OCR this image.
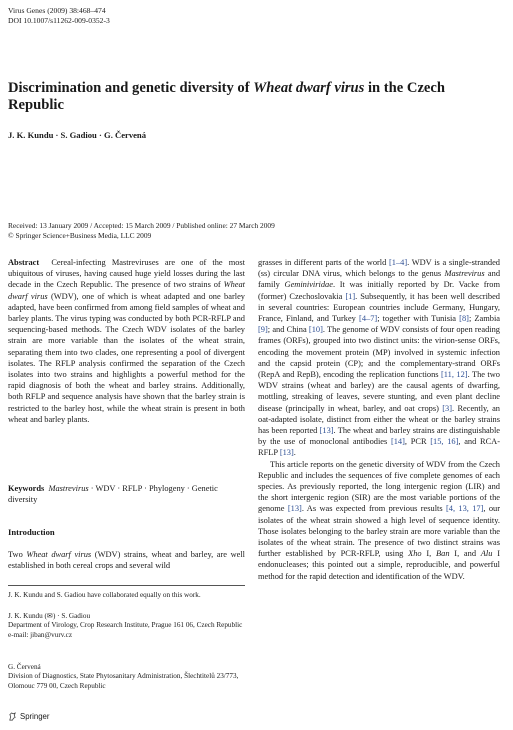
Virus Genes (2009) 38:468–474
DOI 10.1007/s11262-009-0352-3
Discrimination and genetic diversity of Wheat dwarf virus in the Czech Republic
J. K. Kundu · S. Gadiou · G. Červená
Received: 13 January 2009 / Accepted: 15 March 2009 / Published online: 27 March 2009
© Springer Science+Business Media, LLC 2009

Abstract Cereal-infecting Mastreviruses are one of the most ubiquitous of viruses, having caused huge yield losses during the last decade in the Czech Republic. The presence of two strains of Wheat dwarf virus (WDV), one of which is wheat adapted and one barley adapted, have been confirmed from among field samples of wheat and barley plants. The virus typing was conducted by both PCR-RFLP and sequencing-based methods. The Czech WDV isolates of the barley strain are more variable than the isolates of the wheat strain, separating them into two clades, one representing a pool of divergent isolates. The RFLP analysis confirmed the separation of the Czech isolates into two strains and highlights a powerful method for the rapid diagnosis of both the wheat and barley strains. Additionally, both RFLP and sequence analysis have shown that the barley strain is restricted to the barley host, while the wheat strain is present in both wheat and barley plants.

Keywords Mastrevirus · WDV · RFLP · Phylogeny · Genetic diversity
Introduction
Two Wheat dwarf virus (WDV) strains, wheat and barley, are well established in both cereal crops and several wild
J. K. Kundu and S. Gadiou have collaborated equally on this work.
J. K. Kundu (✉) · S. Gadiou
Department of Virology, Crop Research Institute, Prague 161 06, Czech Republic
e-mail: jiban@vurv.cz
G. Červená
Division of Diagnostics, State Phytosanitary Administration, Šlechtitelů 23/773, Olomouc 779 00, Czech Republic
Springer

grasses in different parts of the world [1–4]. WDV is a single-stranded (ss) circular DNA virus, which belongs to the genus Mastrevirus and family Geminiviridae. It was initially reported by Dr. Vacke from (former) Czechoslovakia [1]. Subsequently, it has been well described in several countries: European countries include Germany, Hungary, France, Finland, and Turkey [4–7]; together with Tunisia [8]; Zambia [9]; and China [10]. The genome of WDV consists of four open reading frames (ORFs), grouped into two distinct units: the virion-sense ORFs, encoding the movement protein (MP) involved in systemic infection and the capsid protein (CP); and the complementary-strand ORFs (RepA and RepB), encoding the replication functions [11, 12]. The two WDV strains (wheat and barley) are the causal agents of dwarfing, mottling, streaking of leaves, severe stunting, and even plant decline disease (principally in wheat, barley, and oat crops) [3]. Recently, an oat-adapted isolate, distinct from either the wheat or the barley strains has been reported [13]. The wheat and barley strains are distinguishable by the use of monoclonal antibodies [14], PCR [15, 16], and RCA-RFLP [13].

This article reports on the genetic diversity of WDV from the Czech Republic and includes the sequences of five complete genomes of each species. As previously reported, the long intergenic region (LIR) and the short intergenic region (SIR) are the most variable portions of the genome [13]. As was expected from previous results [4, 13, 17], our isolates of the wheat strain showed a high level of sequence identity. Those isolates belonging to the barley strain are more variable than the isolates of the wheat strain. The presence of two distinct strains was further established by PCR-RFLP, using Xho I, Ban I, and Alu I endonucleases; this pointed out a simple, reproducible, and powerful method for the rapid detection and identification of the WDV.
